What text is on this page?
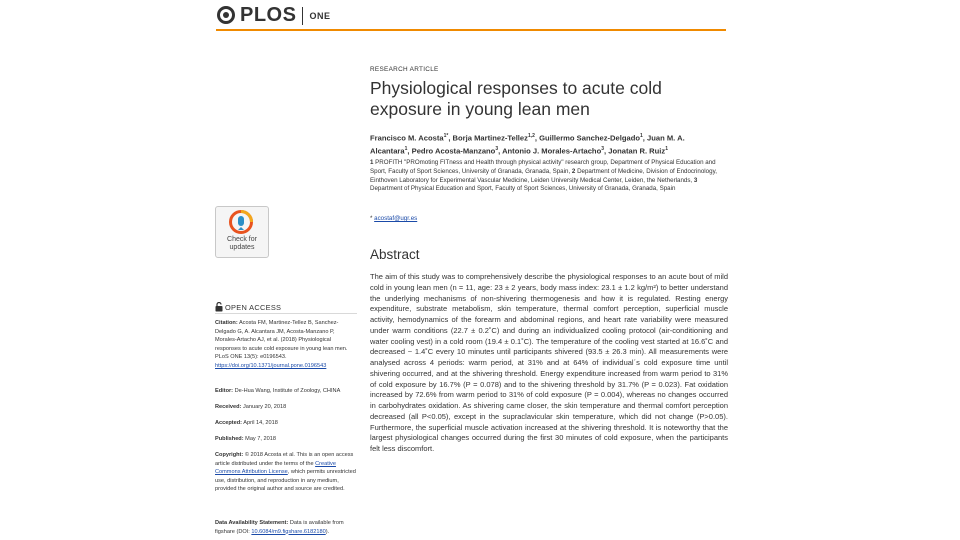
PLOS ONE
Check for
updates
OPEN ACCESS
Citation: Acosta FM, Martinez-Tellez B, Sanchez-Delgado G, A. Alcantara JM, Acosta-Manzano P, Morales-Artacho AJ, et al. (2018) Physiological responses to acute cold exposure in young lean men. PLoS ONE 13(5): e0196543. https://doi.org/10.1371/journal.pone.0196543
Editor: De-Hua Wang, Institute of Zoology, CHINA
Received: January 20, 2018
Accepted: April 14, 2018
Published: May 7, 2018
Copyright: © 2018 Acosta et al. This is an open access article distributed under the terms of the Creative Commons Attribution License, which permits unrestricted use, distribution, and reproduction in any medium, provided the original author and source are credited.
Data Availability Statement: Data is available from figshare (DOI: 10.6084/m9.figshare.6182180).
RESEARCH ARTICLE
Physiological responses to acute cold exposure in young lean men
Francisco M. Acosta$^{1*}$, Borja Martinez-Tellez$^{1,2}$, Guillermo Sanchez-Delgado$^1$, Juan M. A. Alcantara$^1$, Pedro Acosta-Manzano$^3$, Antonio J. Morales-Artacho$^3$, Jonatan R. Ruiz$^1$
1 PROFITH "PROmoting FITness and Health through physical activity" research group, Department of Physical Education and Sport, Faculty of Sport Sciences, University of Granada, Granada, Spain, 2 Department of Medicine, Division of Endocrinology, Einthoven Laboratory for Experimental Vascular Medicine, Leiden University Medical Center, Leiden, the Netherlands, 3 Department of Physical Education and Sport, Faculty of Sport Sciences, University of Granada, Granada, Spain
* acostaf@ugr.es
Abstract
The aim of this study was to comprehensively describe the physiological responses to an acute bout of mild cold in young lean men (n = 11, age: 23 ± 2 years, body mass index: 23.1 ± 1.2 kg/m²) to better understand the underlying mechanisms of non-shivering thermogenesis and how it is regulated. Resting energy expenditure, substrate metabolism, skin temperature, thermal comfort perception, superficial muscle activity, hemodynamics of the forearm and abdominal regions, and heart rate variability were measured under warm conditions (22.7 ± 0.2˚C) and during an individualized cooling protocol (air-conditioning and water cooling vest) in a cold room (19.4 ± 0.1˚C). The temperature of the cooling vest started at 16.6˚C and decreased ~ 1.4˚C every 10 minutes until participants shivered (93.5 ± 26.3 min). All measurements were analysed across 4 periods: warm period, at 31% and at 64% of individual´s cold exposure time until shivering occurred, and at the shivering threshold. Energy expenditure increased from warm period to 31% of cold exposure by 16.7% (P = 0.078) and to the shivering threshold by 31.7% (P = 0.023). Fat oxidation increased by 72.6% from warm period to 31% of cold exposure (P = 0.004), whereas no changes occurred in carbohydrates oxidation. As shivering came closer, the skin temperature and thermal comfort perception decreased (all P<0.05), except in the supraclavicular skin temperature, which did not change (P>0.05). Furthermore, the superficial muscle activation increased at the shivering threshold. It is noteworthy that the largest physiological changes occurred during the first 30 minutes of cold exposure, when the participants felt less discomfort.
